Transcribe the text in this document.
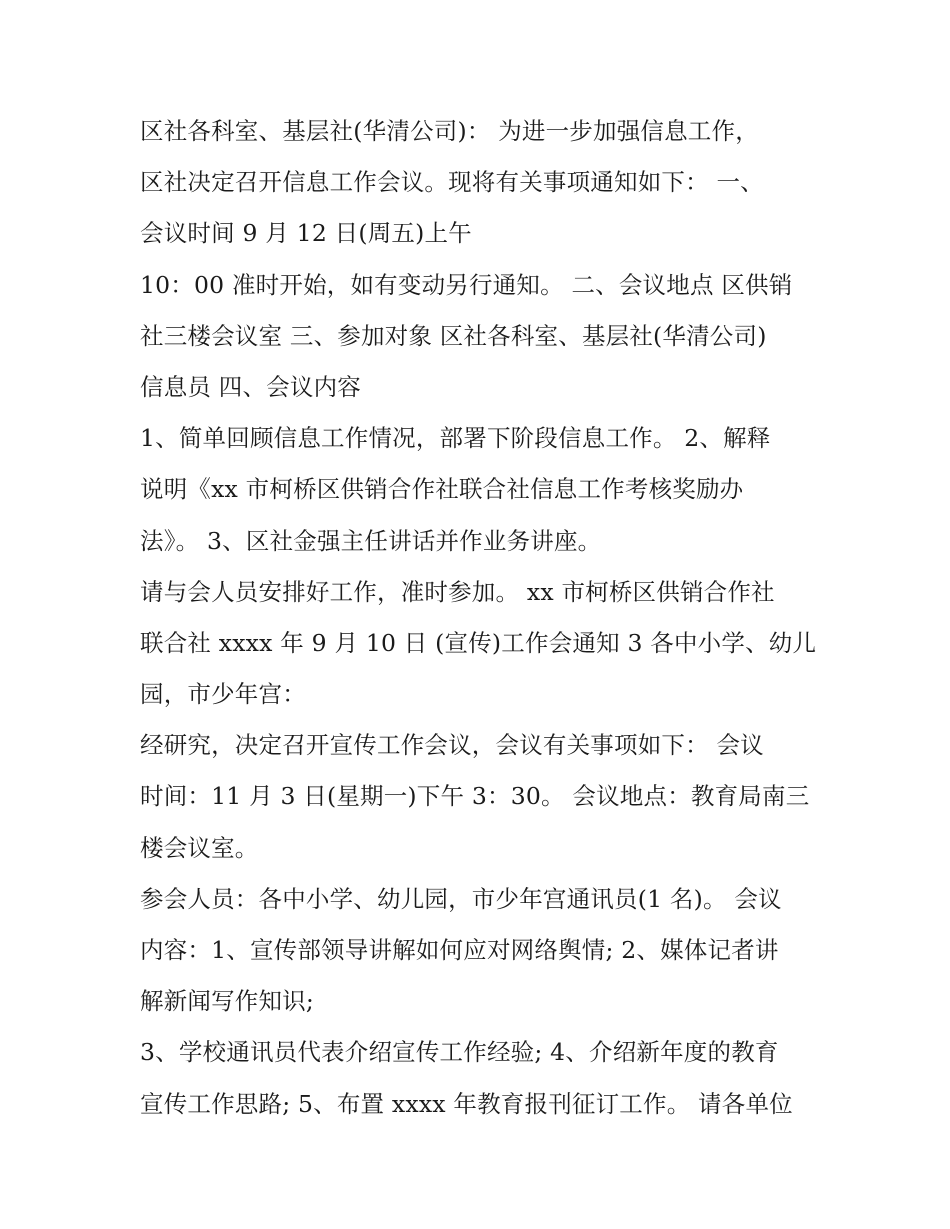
区社各科室、基层社(华清公司)： 为进一步加强信息工作，
区社决定召开信息工作会议。现将有关事项通知如下： 一、
会议时间 9 月 12 日(周五)上午
10：00 准时开始，如有变动另行通知。 二、会议地点 区供销
社三楼会议室 三、参加对象 区社各科室、基层社(华清公司)
信息员 四、会议内容
1、简单回顾信息工作情况，部署下阶段信息工作。 2、解释
说明《xx 市柯桥区供销合作社联合社信息工作考核奖励办
法》。 3、区社金强主任讲话并作业务讲座。
请与会人员安排好工作，准时参加。 xx 市柯桥区供销合作社
联合社 xxxx 年 9 月 10 日 (宣传)工作会通知 3 各中小学、幼儿
园，市少年宫：
经研究，决定召开宣传工作会议，会议有关事项如下： 会议
时间：11 月 3 日(星期一)下午 3：30。 会议地点：教育局南三
楼会议室。
参会人员：各中小学、幼儿园，市少年宫通讯员(1 名)。 会议
内容：1、宣传部领导讲解如何应对网络舆情; 2、媒体记者讲
解新闻写作知识;
3、学校通讯员代表介绍宣传工作经验; 4、介绍新年度的教育
宣传工作思路; 5、布置 xxxx 年教育报刊征订工作。 请各单位
